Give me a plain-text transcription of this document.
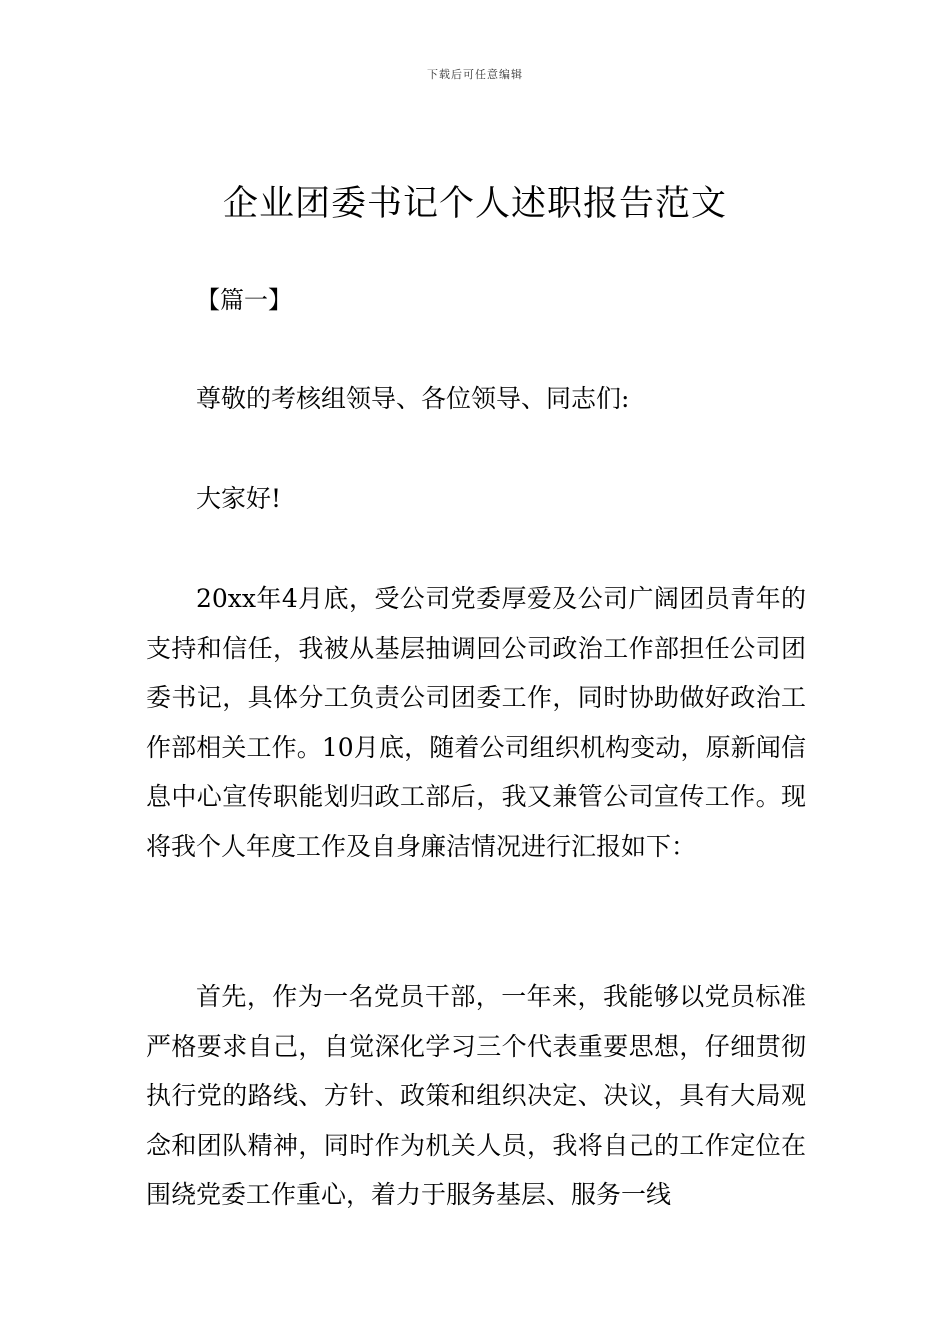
下载后可任意编辑
企业团委书记个人述职报告范文
【篇一】
尊敬的考核组领导、各位领导、同志们:
大家好!

20xx年4月底，受公司党委厚爱及公司广阔团员青年的支持和信任，我被从基层抽调回公司政治工作部担任公司团委书记，具体分工负责公司团委工作，同时协助做好政治工作部相关工作。10月底，随着公司组织机构变动，原新闻信息中心宣传职能划归政工部后，我又兼管公司宣传工作。现将我个人年度工作及自身廉洁情况进行汇报如下：

首先，作为一名党员干部，一年来，我能够以党员标准严格要求自己，自觉深化学习三个代表重要思想，仔细贯彻执行党的路线、方针、政策和组织决定、决议，具有大局观念和团队精神，同时作为机关人员，我将自己的工作定位在围绕党委工作重心，着力于服务基层、服务一线
